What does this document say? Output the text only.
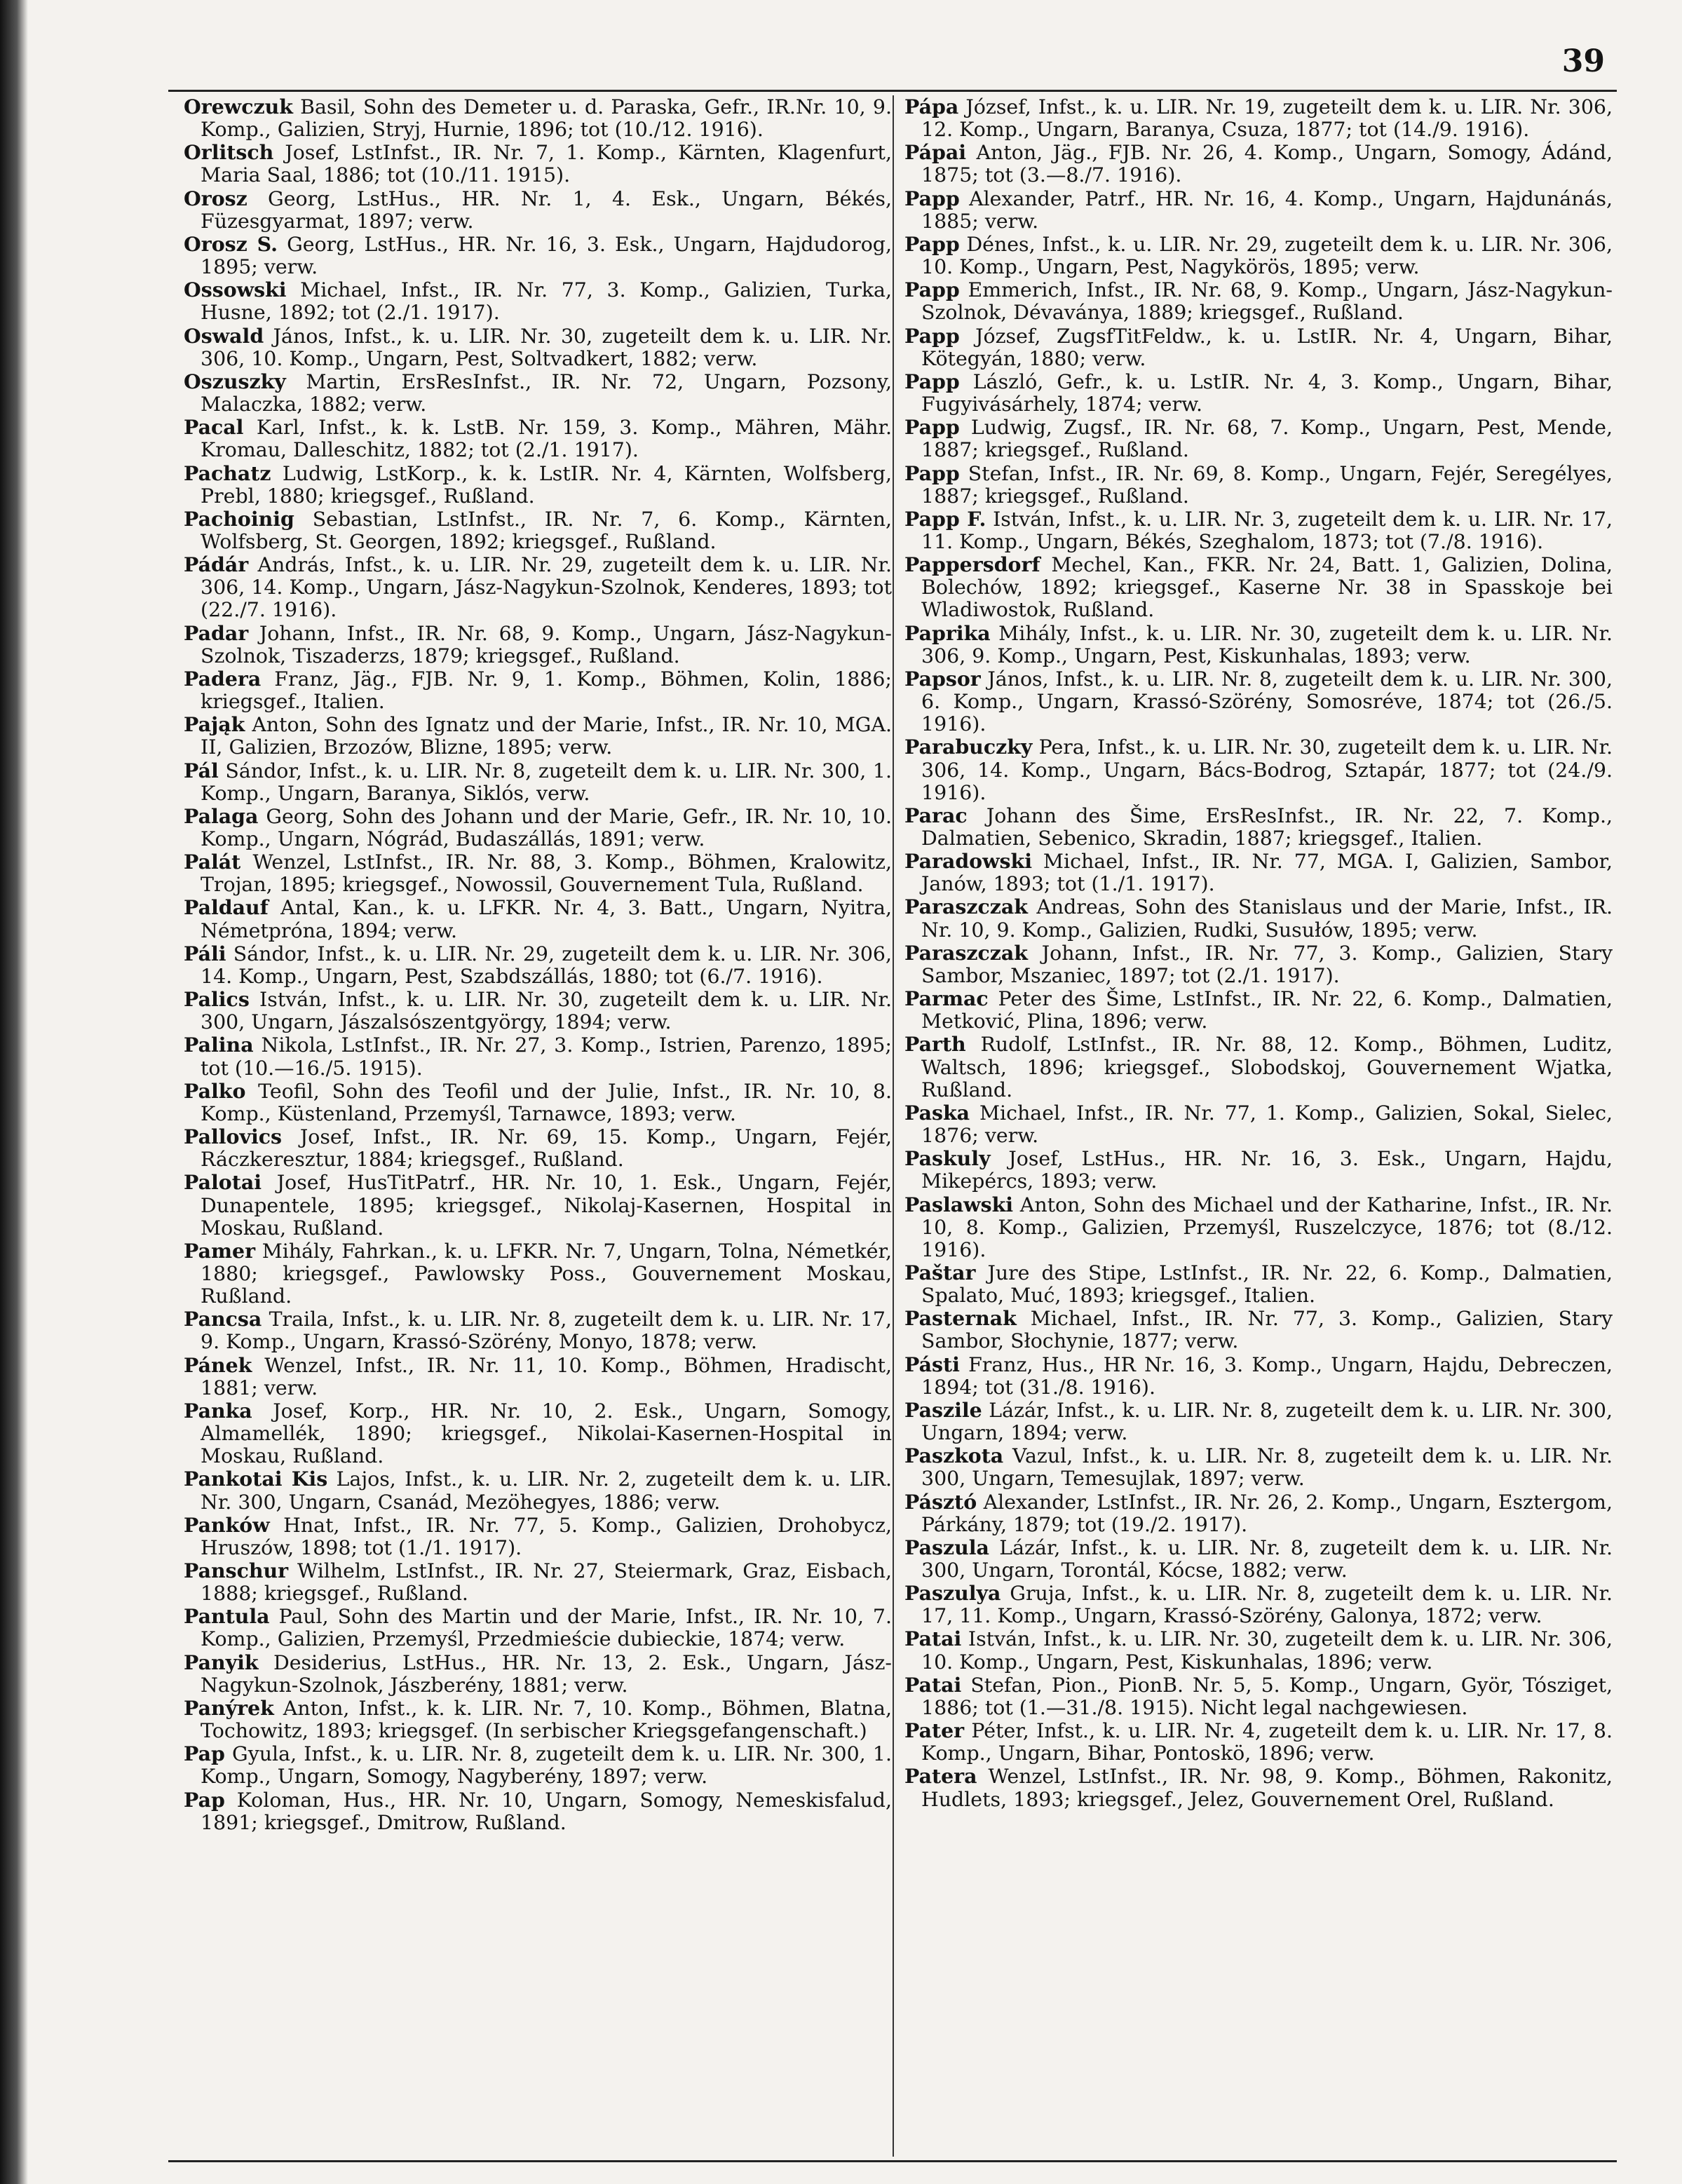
39

Orewczuk Basil, Sohn des Demeter u. d. Paraska, Gefr., IR.Nr. 10, 9. Komp., Galizien, Stryj, Hurnie, 1896; tot (10./12. 1916).

Orlitsch Josef, LstInfst., IR. Nr. 7, 1. Komp., Kärnten, Klagenfurt, Maria Saal, 1886; tot (10./11. 1915).

Orosz Georg, LstHus., HR. Nr. 1, 4. Esk., Ungarn, Békés, Füzesgyarmat, 1897; verw.

Orosz S. Georg, LstHus., HR. Nr. 16, 3. Esk., Ungarn, Hajdudorog, 1895; verw.

Ossowski Michael, Infst., IR. Nr. 77, 3. Komp., Galizien, Turka, Husne, 1892; tot (2./1. 1917).

Oswald János, Infst., k. u. LIR. Nr. 30, zugeteilt dem k. u. LIR. Nr. 306, 10. Komp., Ungarn, Pest, Soltvadkert, 1882; verw.

Oszuszky Martin, ErsResInfst., IR. Nr. 72, Ungarn, Pozsony, Malaczka, 1882; verw.

Pacal Karl, Infst., k. k. LstB. Nr. 159, 3. Komp., Mähren, Mähr. Kromau, Dalleschitz, 1882; tot (2./1. 1917).

Pachatz Ludwig, LstKorp., k. k. LstIR. Nr. 4, Kärnten, Wolfsberg, Prebl, 1880; kriegsgef., Rußland.

Pachoinig Sebastian, LstInfst., IR. Nr. 7, 6. Komp., Kärnten, Wolfsberg, St. Georgen, 1892; kriegsgef., Rußland.

Pádár András, Infst., k. u. LIR. Nr. 29, zugeteilt dem k. u. LIR. Nr. 306, 14. Komp., Ungarn, Jász-Nagykun-Szolnok, Kenderes, 1893; tot (22./7. 1916).

Padar Johann, Infst., IR. Nr. 68, 9. Komp., Ungarn, Jász-Nagykun-Szolnok, Tiszaderzs, 1879; kriegsgef., Rußland.

Padera Franz, Jäg., FJB. Nr. 9, 1. Komp., Böhmen, Kolin, 1886; kriegsgef., Italien.

Pająk Anton, Sohn des Ignatz und der Marie, Infst., IR. Nr. 10, MGA. II, Galizien, Brzozów, Blizne, 1895; verw.

Pál Sándor, Infst., k. u. LIR. Nr. 8, zugeteilt dem k. u. LIR. Nr. 300, 1. Komp., Ungarn, Baranya, Siklós, verw.

Palaga Georg, Sohn des Johann und der Marie, Gefr., IR. Nr. 10, 10. Komp., Ungarn, Nógrád, Budaszállás, 1891; verw.

Palát Wenzel, LstInfst., IR. Nr. 88, 3. Komp., Böhmen, Kralowitz, Trojan, 1895; kriegsgef., Nowossil, Gouvernement Tula, Rußland.

Paldauf Antal, Kan., k. u. LFKR. Nr. 4, 3. Batt., Ungarn, Nyitra, Németpróna, 1894; verw.

Páli Sándor, Infst., k. u. LIR. Nr. 29, zugeteilt dem k. u. LIR. Nr. 306, 14. Komp., Ungarn, Pest, Szabdszállás, 1880; tot (6./7. 1916).

Palics István, Infst., k. u. LIR. Nr. 30, zugeteilt dem k. u. LIR. Nr. 300, Ungarn, Jászalsószentgyörgy, 1894; verw.

Palina Nikola, LstInfst., IR. Nr. 27, 3. Komp., Istrien, Parenzo, 1895; tot (10.—16./5. 1915).

Palko Teofil, Sohn des Teofil und der Julie, Infst., IR. Nr. 10, 8. Komp., Küstenland, Przemyśl, Tarnawce, 1893; verw.

Pallovics Josef, Infst., IR. Nr. 69, 15. Komp., Ungarn, Fejér, Ráczkeresztur, 1884; kriegsgef., Rußland.

Palotai Josef, HusTitPatrf., HR. Nr. 10, 1. Esk., Ungarn, Fejér, Dunapentele, 1895; kriegsgef., Nikolaj-Kasernen, Hospital in Moskau, Rußland.

Pamer Mihály, Fahrkan., k. u. LFKR. Nr. 7, Ungarn, Tolna, Németkér, 1880; kriegsgef., Pawlowsky Poss., Gouvernement Moskau, Rußland.

Pancsa Traila, Infst., k. u. LIR. Nr. 8, zugeteilt dem k. u. LIR. Nr. 17, 9. Komp., Ungarn, Krassó-Szörény, Monyo, 1878; verw.

Pánek Wenzel, Infst., IR. Nr. 11, 10. Komp., Böhmen, Hradischt, 1881; verw.

Panka Josef, Korp., HR. Nr. 10, 2. Esk., Ungarn, Somogy, Almamellék, 1890; kriegsgef., Nikolai-Kasernen-Hospital in Moskau, Rußland.

Pankotai Kis Lajos, Infst., k. u. LIR. Nr. 2, zugeteilt dem k. u. LIR. Nr. 300, Ungarn, Csanád, Mezöhegyes, 1886; verw.

Panków Hnat, Infst., IR. Nr. 77, 5. Komp., Galizien, Drohobycz, Hruszów, 1898; tot (1./1. 1917).

Panschur Wilhelm, LstInfst., IR. Nr. 27, Steiermark, Graz, Eisbach, 1888; kriegsgef., Rußland.

Pantula Paul, Sohn des Martin und der Marie, Infst., IR. Nr. 10, 7. Komp., Galizien, Przemyśl, Przedmieście dubieckie, 1874; verw.

Panyik Desiderius, LstHus., HR. Nr. 13, 2. Esk., Ungarn, Jász-Nagykun-Szolnok, Jászberény, 1881; verw.

Panýrek Anton, Infst., k. k. LIR. Nr. 7, 10. Komp., Böhmen, Blatna, Tochowitz, 1893; kriegsgef. (In serbischer Kriegsgefangenschaft.)

Pap Gyula, Infst., k. u. LIR. Nr. 8, zugeteilt dem k. u. LIR. Nr. 300, 1. Komp., Ungarn, Somogy, Nagyberény, 1897; verw.

Pap Koloman, Hus., HR. Nr. 10, Ungarn, Somogy, Nemeskisfalud, 1891; kriegsgef., Dmitrow, Rußland.

Pápa József, Infst., k. u. LIR. Nr. 19, zugeteilt dem k. u. LIR. Nr. 306, 12. Komp., Ungarn, Baranya, Csuza, 1877; tot (14./9. 1916).

Pápai Anton, Jäg., FJB. Nr. 26, 4. Komp., Ungarn, Somogy, Ádánd, 1875; tot (3.—8./7. 1916).

Papp Alexander, Patrf., HR. Nr. 16, 4. Komp., Ungarn, Hajdunánás, 1885; verw.

Papp Dénes, Infst., k. u. LIR. Nr. 29, zugeteilt dem k. u. LIR. Nr. 306, 10. Komp., Ungarn, Pest, Nagykörös, 1895; verw.

Papp Emmerich, Infst., IR. Nr. 68, 9. Komp., Ungarn, Jász-Nagykun-Szolnok, Dévaványa, 1889; kriegsgef., Rußland.

Papp József, ZugsfTitFeldw., k. u. LstIR. Nr. 4, Ungarn, Bihar, Kötegyán, 1880; verw.

Papp László, Gefr., k. u. LstIR. Nr. 4, 3. Komp., Ungarn, Bihar, Fugyivásárhely, 1874; verw.

Papp Ludwig, Zugsf., IR. Nr. 68, 7. Komp., Ungarn, Pest, Mende, 1887; kriegsgef., Rußland.

Papp Stefan, Infst., IR. Nr. 69, 8. Komp., Ungarn, Fejér, Seregélyes, 1887; kriegsgef., Rußland.

Papp F. István, Infst., k. u. LIR. Nr. 3, zugeteilt dem k. u. LIR. Nr. 17, 11. Komp., Ungarn, Békés, Szeghalom, 1873; tot (7./8. 1916).

Pappersdorf Mechel, Kan., FKR. Nr. 24, Batt. 1, Galizien, Dolina, Bolechów, 1892; kriegsgef., Kaserne Nr. 38 in Spasskoje bei Wladiwostok, Rußland.

Paprika Mihály, Infst., k. u. LIR. Nr. 30, zugeteilt dem k. u. LIR. Nr. 306, 9. Komp., Ungarn, Pest, Kiskunhalas, 1893; verw.

Papsor János, Infst., k. u. LIR. Nr. 8, zugeteilt dem k. u. LIR. Nr. 300, 6. Komp., Ungarn, Krassó-Szörény, Somosréve, 1874; tot (26./5. 1916).

Parabuczky Pera, Infst., k. u. LIR. Nr. 30, zugeteilt dem k. u. LIR. Nr. 306, 14. Komp., Ungarn, Bács-Bodrog, Sztapár, 1877; tot (24./9. 1916).

Parac Johann des Šime, ErsResInfst., IR. Nr. 22, 7. Komp., Dalmatien, Sebenico, Skradin, 1887; kriegsgef., Italien.

Paradowski Michael, Infst., IR. Nr. 77, MGA. I, Galizien, Sambor, Janów, 1893; tot (1./1. 1917).

Paraszczak Andreas, Sohn des Stanislaus und der Marie, Infst., IR. Nr. 10, 9. Komp., Galizien, Rudki, Susułów, 1895; verw.

Paraszczak Johann, Infst., IR. Nr. 77, 3. Komp., Galizien, Stary Sambor, Mszaniec, 1897; tot (2./1. 1917).

Parmac Peter des Šime, LstInfst., IR. Nr. 22, 6. Komp., Dalmatien, Metković, Plina, 1896; verw.

Parth Rudolf, LstInfst., IR. Nr. 88, 12. Komp., Böhmen, Luditz, Waltsch, 1896; kriegsgef., Slobodskoj, Gouvernement Wjatka, Rußland.

Paska Michael, Infst., IR. Nr. 77, 1. Komp., Galizien, Sokal, Sielec, 1876; verw.

Paskuly Josef, LstHus., HR. Nr. 16, 3. Esk., Ungarn, Hajdu, Mikepércs, 1893; verw.

Paslawski Anton, Sohn des Michael und der Katharine, Infst., IR. Nr. 10, 8. Komp., Galizien, Przemyśl, Ruszelczyce, 1876; tot (8./12. 1916).

Paštar Jure des Stipe, LstInfst., IR. Nr. 22, 6. Komp., Dalmatien, Spalato, Muć, 1893; kriegsgef., Italien.

Pasternak Michael, Infst., IR. Nr. 77, 3. Komp., Galizien, Stary Sambor, Słochynie, 1877; verw.

Pásti Franz, Hus., HR Nr. 16, 3. Komp., Ungarn, Hajdu, Debreczen, 1894; tot (31./8. 1916).

Paszile Lázár, Infst., k. u. LIR. Nr. 8, zugeteilt dem k. u. LIR. Nr. 300, Ungarn, 1894; verw.

Paszkota Vazul, Infst., k. u. LIR. Nr. 8, zugeteilt dem k. u. LIR. Nr. 300, Ungarn, Temesujlak, 1897; verw.

Pásztó Alexander, LstInfst., IR. Nr. 26, 2. Komp., Ungarn, Esztergom, Párkány, 1879; tot (19./2. 1917).

Paszula Lázár, Infst., k. u. LIR. Nr. 8, zugeteilt dem k. u. LIR. Nr. 300, Ungarn, Torontál, Kócse, 1882; verw.

Paszulya Gruja, Infst., k. u. LIR. Nr. 8, zugeteilt dem k. u. LIR. Nr. 17, 11. Komp., Ungarn, Krassó-Szörény, Galonya, 1872; verw.

Patai István, Infst., k. u. LIR. Nr. 30, zugeteilt dem k. u. LIR. Nr. 306, 10. Komp., Ungarn, Pest, Kiskunhalas, 1896; verw.

Patai Stefan, Pion., PionB. Nr. 5, 5. Komp., Ungarn, Györ, Tósziget, 1886; tot (1.—31./8. 1915). Nicht legal nachgewiesen.

Pater Péter, Infst., k. u. LIR. Nr. 4, zugeteilt dem k. u. LIR. Nr. 17, 8. Komp., Ungarn, Bihar, Pontoskö, 1896; verw.

Patera Wenzel, LstInfst., IR. Nr. 98, 9. Komp., Böhmen, Rakonitz, Hudlets, 1893; kriegsgef., Jelez, Gouvernement Orel, Rußland.
